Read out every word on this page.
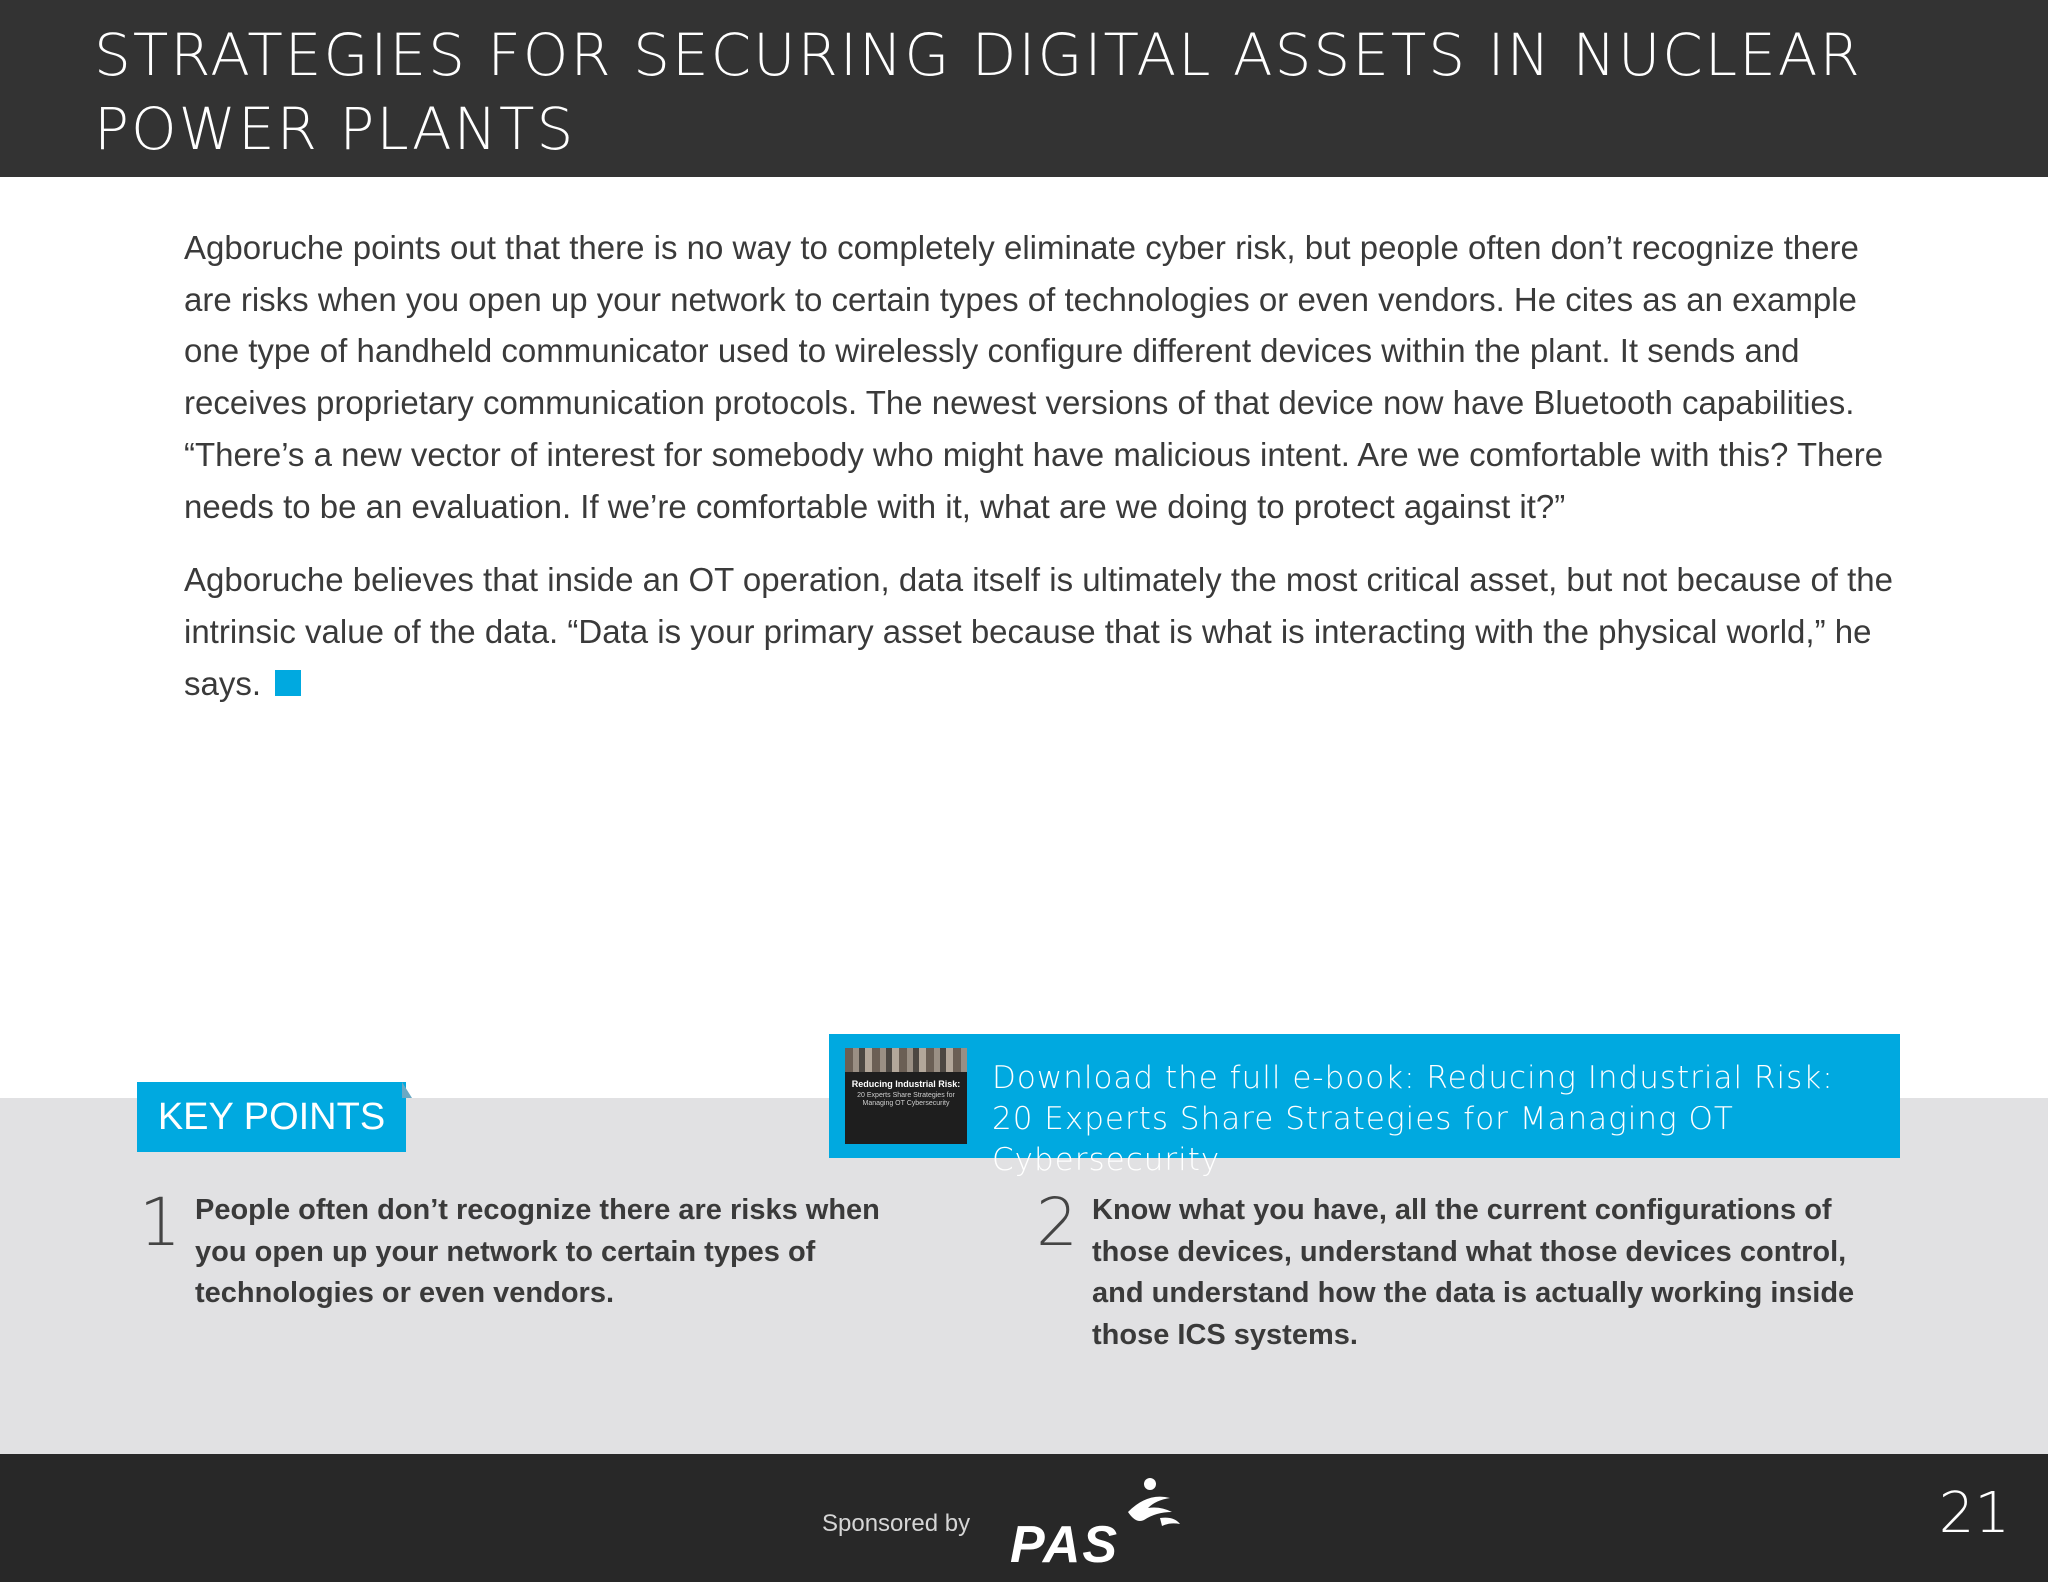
STRATEGIES FOR SECURING DIGITAL ASSETS IN NUCLEAR POWER PLANTS

Agboruche points out that there is no way to completely eliminate cyber risk, but people often don’t recognize there are risks when you open up your network to certain types of technologies or even vendors. He cites as an example one type of handheld communicator used to wirelessly configure different devices within the plant. It sends and receives proprietary communication protocols. The newest versions of that device now have Bluetooth capabilities. “There’s a new vector of interest for somebody who might have malicious intent. Are we comfortable with this? There needs to be an evaluation. If we’re comfortable with it, what are we doing to protect against it?”

Agboruche believes that inside an OT operation, data itself is ultimately the most critical asset, but not because of the intrinsic value of the data. “Data is your primary asset because that is what is interacting with the physical world,” he says.

1 People often don’t recognize there are risks when you open up your network to certain types of technologies or even vendors.
2 Know what you have, all the current configurations of those devices, understand what those devices control, and understand how the data is actually working inside those ICS systems.
KEY POINTS
Reducing Industrial Risk:
20 Experts Share Strategies for Managing OT Cybersecurity
Download the full e-book: Reducing Industrial Risk:
20 Experts Share Strategies for Managing OT Cybersecurity
Sponsored by PAS	21
